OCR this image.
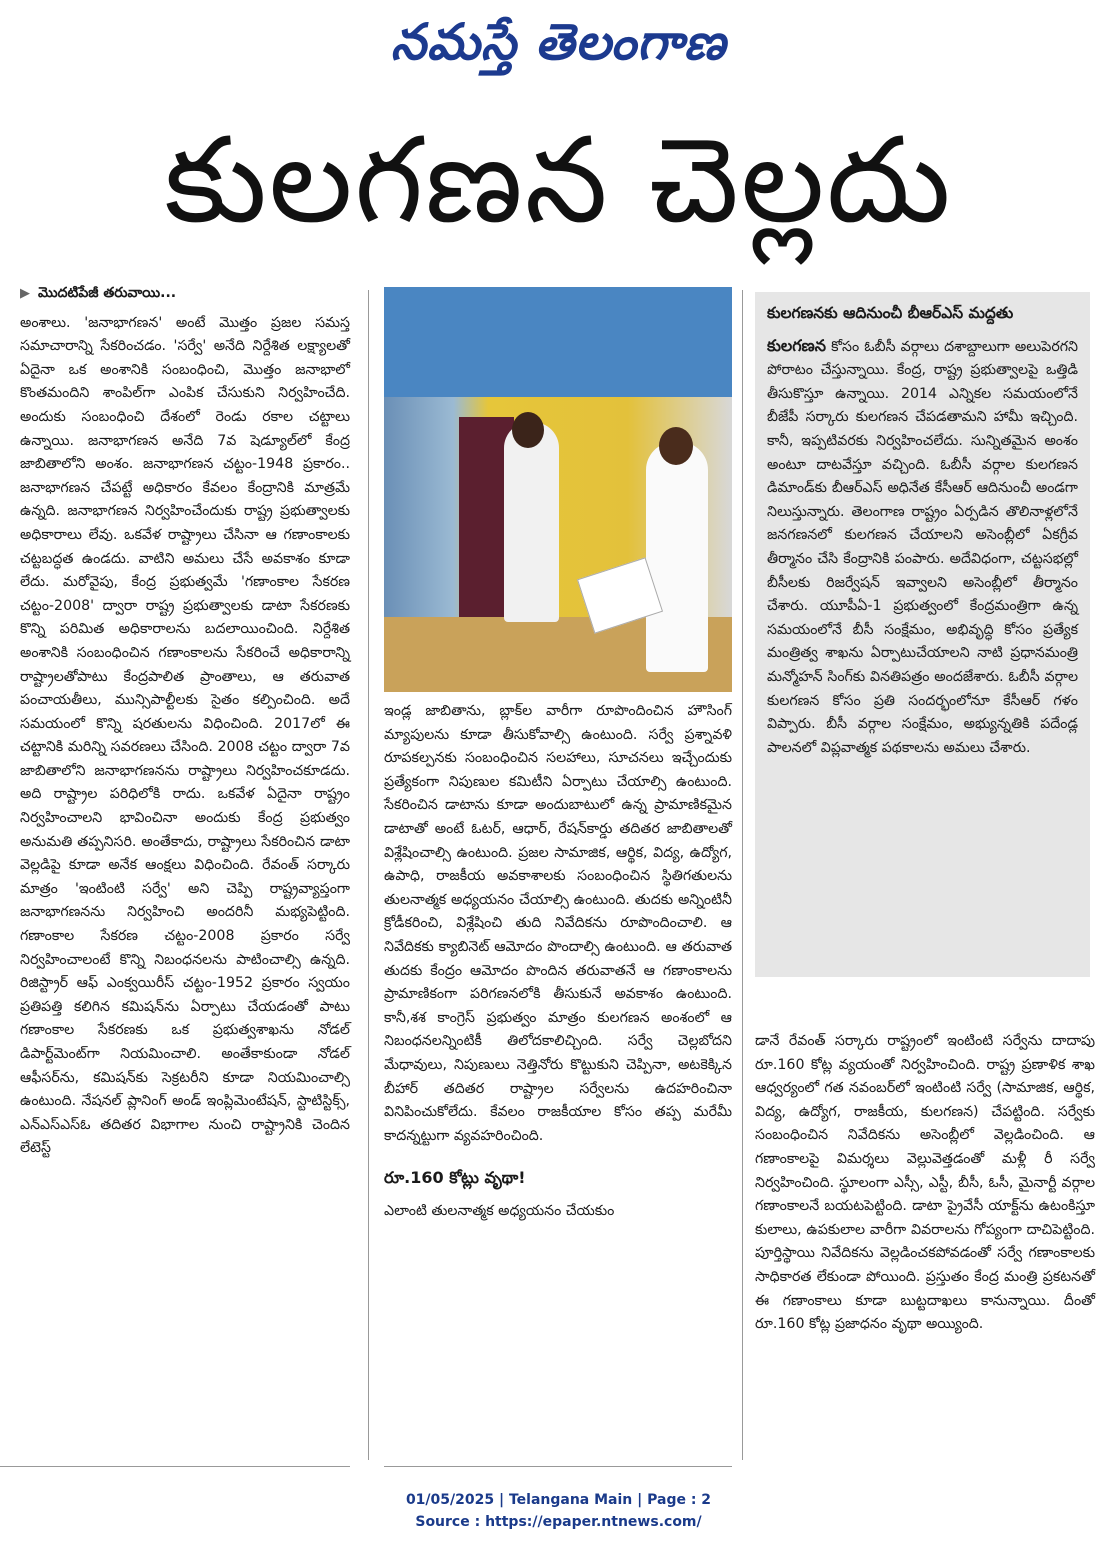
నమస్తే తెలంగాణ
కులగణన చెల్లదు
▶ మొదటిపేజీ తరువాయి...

అంశాలు. 'జనాభాగణన' అంటే మొత్తం ప్రజల సమస్త సమాచారాన్ని సేకరించడం. 'సర్వే' అనేది నిర్దేశిత లక్ష్యాలతో ఏదైనా ఒక అంశానికి సంబంధించి, మొత్తం జనాభాలో కొంతమందిని శాంపిల్‌గా ఎంపిక చేసుకుని నిర్వహించేది. అందుకు సంబంధించి దేశంలో రెండు రకాల చట్టాలు ఉన్నాయి. జనాభాగణన అనేది 7వ షెడ్యూల్‌లో కేంద్ర జాబితాలోని అంశం. జనాభాగణన చట్టం-1948 ప్రకారం.. జనాభాగణన చేపట్టే అధికారం కేవలం కేంద్రానికి మాత్రమే ఉన్నది. జనాభాగణన నిర్వహించేందుకు రాష్ట్ర ప్రభుత్వాలకు అధికారాలు లేవు. ఒకవేళ రాష్ట్రాలు చేసినా ఆ గణాంకాలకు చట్టబద్ధత ఉండదు. వాటిని అమలు చేసే అవకాశం కూడా లేదు. మరోవైపు, కేంద్ర ప్రభుత్వమే 'గణాంకాల సేకరణ చట్టం-2008' ద్వారా రాష్ట్ర ప్రభుత్వాలకు డాటా సేకరణకు కొన్ని పరిమిత అధికారాలను బదలాయించింది. నిర్దేశిత అంశానికి సంబంధించిన గణాంకాలను సేకరించే అధికారాన్ని రాష్ట్రాలతోపాటు కేంద్రపాలిత ప్రాంతాలు, ఆ తరువాత పంచాయతీలు, మున్సిపాల్టీలకు సైతం కల్పించింది. అదే సమయంలో కొన్ని షరతులను విధించింది. 2017లో ఈ చట్టానికి మరిన్ని సవరణలు చేసింది. 2008 చట్టం ద్వారా 7వ జాబితాలోని జనాభాగణనను రాష్ట్రాలు నిర్వహించకూడదు. అది రాష్ట్రాల పరిధిలోకి రాదు. ఒకవేళ ఏదైనా రాష్ట్రం నిర్వహించాలని భావించినా అందుకు కేంద్ర ప్రభుత్వం అనుమతి తప్పనిసరి. అంతేకాదు, రాష్ట్రాలు సేకరించిన డాటా వెల్లడిపై కూడా అనేక ఆంక్షలు విధించింది. రేవంత్ సర్కారు మాత్రం 'ఇంటింటి సర్వే' అని చెప్పి రాష్ట్రవ్యాప్తంగా జనాభాగణనను నిర్వహించి అందరినీ మభ్యపెట్టింది. గణాంకాల సేకరణ చట్టం-2008 ప్రకారం సర్వే నిర్వహించాలంటే కొన్ని నిబంధనలను పాటించాల్సి ఉన్నది. రిజిస్ట్రార్ ఆఫ్ ఎంక్వయిరీస్ చట్టం-1952 ప్రకారం స్వయం ప్రతిపత్తి కలిగిన కమిషన్‌ను ఏర్పాటు చేయడంతో పాటు గణాంకాల సేకరణకు ఒక ప్రభుత్వశాఖను నోడల్ డిపార్ట్‌మెంట్‌గా నియమించాలి. అంతేకాకుండా నోడల్ ఆఫీసర్‌ను, కమిషన్‌కు సెక్రటరీని కూడా నియమించాల్సి ఉంటుంది. నేషనల్ ప్లానింగ్ అండ్ ఇంప్లిమెంటేషన్, స్టాటిస్టిక్స్, ఎన్ఎస్ఎస్ఓ తదితర విభాగాల నుంచి రాష్ట్రానికి చెందిన లేటెస్ట్

ఇండ్ల జాబితాను, బ్లాక్‌ల వారీగా రూపొందించిన హౌసింగ్ మ్యాపులను కూడా తీసుకోవాల్సి ఉంటుంది. సర్వే ప్రశ్నావళి రూపకల్పనకు సంబంధించిన సలహాలు, సూచనలు ఇచ్చేందుకు ప్రత్యేకంగా నిపుణుల కమిటీని ఏర్పాటు చేయాల్సి ఉంటుంది. సేకరించిన డాటాను కూడా అందుబాటులో ఉన్న ప్రామాణికమైన డాటాతో అంటే ఓటర్, ఆధార్, రేషన్‌కార్డు తదితర జాబితాలతో విశ్లేషించాల్సి ఉంటుంది. ప్రజల సామాజిక, ఆర్థిక, విద్య, ఉద్యోగ, ఉపాధి, రాజకీయ అవకాశాలకు సంబంధించిన స్థితిగతులను తులనాత్మక అధ్యయనం చేయాల్సి ఉంటుంది. తుదకు అన్నింటినీ క్రోడీకరించి, విశ్లేషించి తుది నివేదికను రూపొందించాలి. ఆ నివేదికకు క్యాబినెట్ ఆమోదం పొందాల్సి ఉంటుంది. ఆ తరువాత తుదకు కేంద్రం ఆమోదం పొందిన తరువాతనే ఆ గణాంకాలను ప్రామాణికంగా పరిగణనలోకి తీసుకునే అవకాశం ఉంటుంది. కానీ,శశ కాంగ్రెస్ ప్రభుత్వం మాత్రం కులగణన అంశంలో ఆ నిబంధనలన్నింటికీ తిలోదకాలిచ్చింది. సర్వే చెల్లబోదని మేధావులు, నిపుణులు నెత్తినోరు కొట్టుకుని చెప్పినా, అటకెక్కిన బీహార్ తదితర రాష్ట్రాల సర్వేలను ఉదహరించినా వినిపించుకోలేదు. కేవలం రాజకీయాల కోసం తప్ప మరేమీ కాదన్నట్టుగా వ్యవహరించింది.

రూ.160 కోట్లు వృథా!

ఎలాంటి తులనాత్మక అధ్యయనం చేయకుం

కులగణనకు ఆదినుంచీ బీఆర్ఎస్ మద్దతు

కులగణన కోసం ఓబీసీ వర్గాలు దశాబ్దాలుగా అలుపెరగని పోరాటం చేస్తున్నాయి. కేంద్ర, రాష్ట్ర ప్రభుత్వాలపై ఒత్తిడి తీసుకొస్తూ ఉన్నాయి. 2014 ఎన్నికల సమయంలోనే బీజేపీ సర్కారు కులగణన చేపడతామని హామీ ఇచ్చింది. కానీ, ఇప్పటివరకు నిర్వహించలేదు. సున్నితమైన అంశం అంటూ దాటవేస్తూ వచ్చింది. ఓబీసీ వర్గాల కులగణన డిమాండ్‌కు బీఆర్ఎస్ అధినేత కేసీఆర్ ఆదినుంచీ అండగా నిలుస్తున్నారు. తెలంగాణ రాష్ట్రం ఏర్పడిన తొలినాళ్లలోనే జనగణనలో కులగణన చేయాలని అసెంబ్లీలో ఏకగ్రీవ తీర్మానం చేసి కేంద్రానికి పంపారు. అదేవిధంగా, చట్టసభల్లో బీసీలకు రిజర్వేషన్ ఇవ్వాలని అసెంబ్లీలో తీర్మానం చేశారు. యూపీఏ-1 ప్రభుత్వంలో కేంద్రమంత్రిగా ఉన్న సమయంలోనే బీసీ సంక్షేమం, అభివృద్ధి కోసం ప్రత్యేక మంత్రిత్వ శాఖను ఏర్పాటుచేయాలని నాటి ప్రధానమంత్రి మన్మోహన్ సింగ్‌కు వినతిపత్రం అందజేశారు. ఓబీసీ వర్గాల కులగణన కోసం ప్రతి సందర్భంలోనూ కేసీఆర్ గళం విప్పారు. బీసీ వర్గాల సంక్షేమం, అభ్యున్నతికి పదేండ్ల పాలనలో విప్లవాత్మక పథకాలను అమలు చేశారు.

డానే రేవంత్ సర్కారు రాష్ట్రంలో ఇంటింటి సర్వేను దాదాపు రూ.160 కోట్ల వ్యయంతో నిర్వహించింది. రాష్ట్ర ప్రణాళిక శాఖ ఆధ్వర్యంలో గత నవంబర్‌లో ఇంటింటి సర్వే (సామాజిక, ఆర్థిక, విద్య, ఉద్యోగ, రాజకీయ, కులగణన) చేపట్టింది. సర్వేకు సంబంధించిన నివేదికను అసెంబ్లీలో వెల్లడించింది. ఆ గణాంకాలపై విమర్శలు వెల్లువెత్తడంతో మళ్లీ రీ సర్వే నిర్వహించింది. స్థూలంగా ఎస్సీ, ఎస్టీ, బీసీ, ఓసీ, మైనార్టీ వర్గాల గణాంకాలనే బయటపెట్టింది. డాటా ప్రైవేసీ యాక్ట్‌ను ఉటంకిస్తూ కులాలు, ఉపకులాల వారీగా వివరాలను గోప్యంగా దాచిపెట్టింది. పూర్తిస్థాయి నివేదికను వెల్లడించకపోవడంతో సర్వే గణాంకాలకు సాధికారత లేకుండా పోయింది. ప్రస్తుతం కేంద్ర మంత్రి ప్రకటనతో ఈ గణాంకాలు కూడా బుట్టదాఖలు కానున్నాయి. దీంతో రూ.160 కోట్ల ప్రజాధనం వృథా అయ్యింది.

01/05/2025 | Telangana Main | Page : 2
Source : https://epaper.ntnews.com/
